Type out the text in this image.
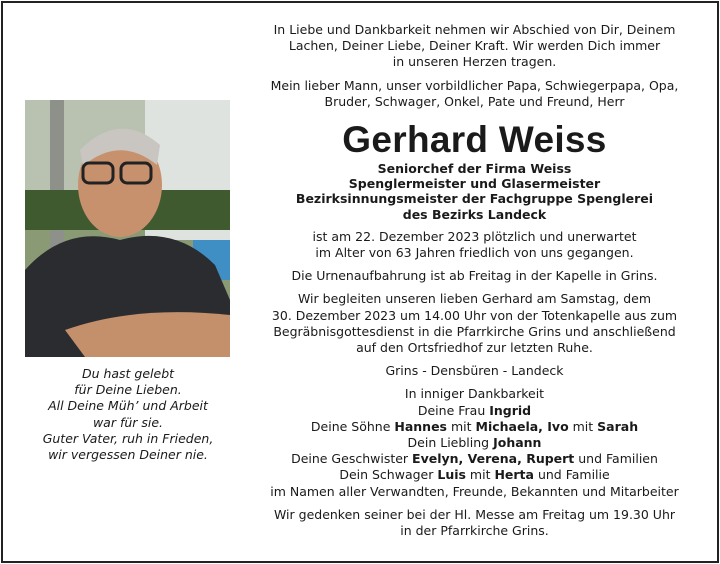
Du hast gelebt
für Deine Lieben.
All Deine Müh’ und Arbeit
war für sie.
Guter Vater, ruh in Frieden,
wir vergessen Deiner nie.
In Liebe und Dankbarkeit nehmen wir Abschied von Dir, Deinem
Lachen, Deiner Liebe, Deiner Kraft. Wir werden Dich immer
in unseren Herzen tragen.
Mein lieber Mann, unser vorbildlicher Papa, Schwiegerpapa, Opa,
Bruder, Schwager, Onkel, Pate und Freund, Herr
Gerhard Weiss
Seniorchef der Firma Weiss
Spenglermeister und Glasermeister
Bezirksinnungsmeister der Fachgruppe Spenglerei
des Bezirks Landeck
ist am 22. Dezember 2023 plötzlich und unerwartet
im Alter von 63 Jahren friedlich von uns gegangen.
Die Urnenaufbahrung ist ab Freitag in der Kapelle in Grins.
Wir begleiten unseren lieben Gerhard am Samstag, dem
30. Dezember 2023 um 14.00 Uhr von der Totenkapelle aus zum
Begräbnisgottesdienst in die Pfarrkirche Grins und anschließend
auf den Ortsfriedhof zur letzten Ruhe.
Grins - Densbüren - Landeck
In inniger Dankbarkeit
Deine Frau Ingrid
Deine Söhne Hannes mit Michaela, Ivo mit Sarah
Dein Liebling Johann
Deine Geschwister Evelyn, Verena, Rupert und Familien
Dein Schwager Luis mit Herta und Familie
im Namen aller Verwandten, Freunde, Bekannten und Mitarbeiter
Wir gedenken seiner bei der Hl. Messe am Freitag um 19.30 Uhr
in der Pfarrkirche Grins.
